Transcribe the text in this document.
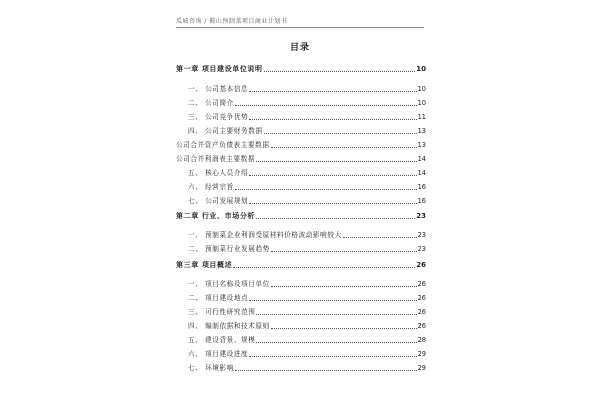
瓜城咨询 / 鞍山预制菜项目商业计划书
目录
第一章 项目建设单位说明	10
一、 公司基本信息	10
二、 公司简介	10
三、 公司竞争优势	11
四、 公司主要财务数据	13
公司合并资产负债表主要数据	13
公司合并利润表主要数据	14
五、 核心人员介绍	14
六、 经营宗旨	16
七、 公司发展规划	16
第二章 行业、市场分析	23
一、 预制菜企业利润受原材料价格波动影响较大	23
二、 预制菜行业发展趋势	23
第三章 项目概述	26
一、 项目名称及项目单位	26
二、 项目建设地点	26
三、 可行性研究范围	26
四、 编制依据和技术原则	26
五、 建设背景、规模	28
六、 项目建设进度	29
七、 环境影响	29
